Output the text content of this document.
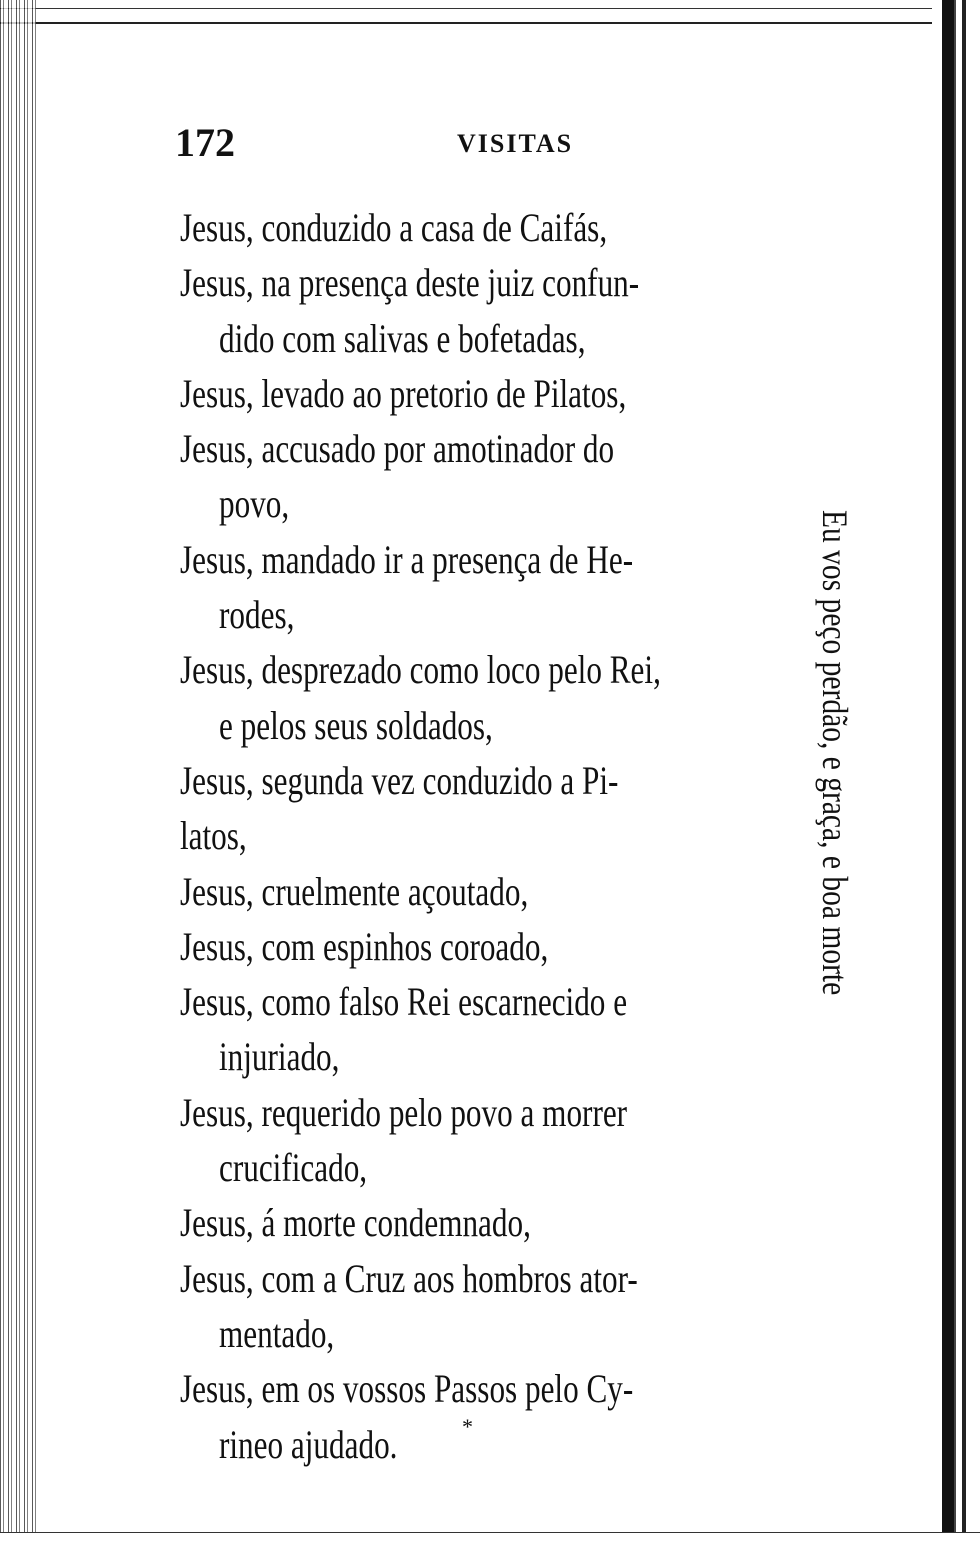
172	VISITAS
Jesus, conduzido a casa de Caifás,
Jesus, na presença deste juiz confun-
dido com salivas e bofetadas,
Jesus, levado ao pretorio de Pilatos,
Jesus, accusado por amotinador do
povo,
Jesus, mandado ir a presença de He-
rodes,
Jesus, desprezado como loco pelo Rei,
e pelos seus soldados,
Jesus, segunda vez conduzido a Pi-
latos,
Jesus, cruelmente açoutado,
Jesus, com espinhos coroado,
Jesus, como falso Rei escarnecido e
injuriado,
Jesus, requerido pelo povo a morrer
crucificado,
Jesus, á morte condemnado,
Jesus, com a Cruz aos hombros ator-
mentado,
Jesus, em os vossos Passos pelo Cy-
rineo ajudado.
Eu vos peço perdão, e graça, e boa morte
*
